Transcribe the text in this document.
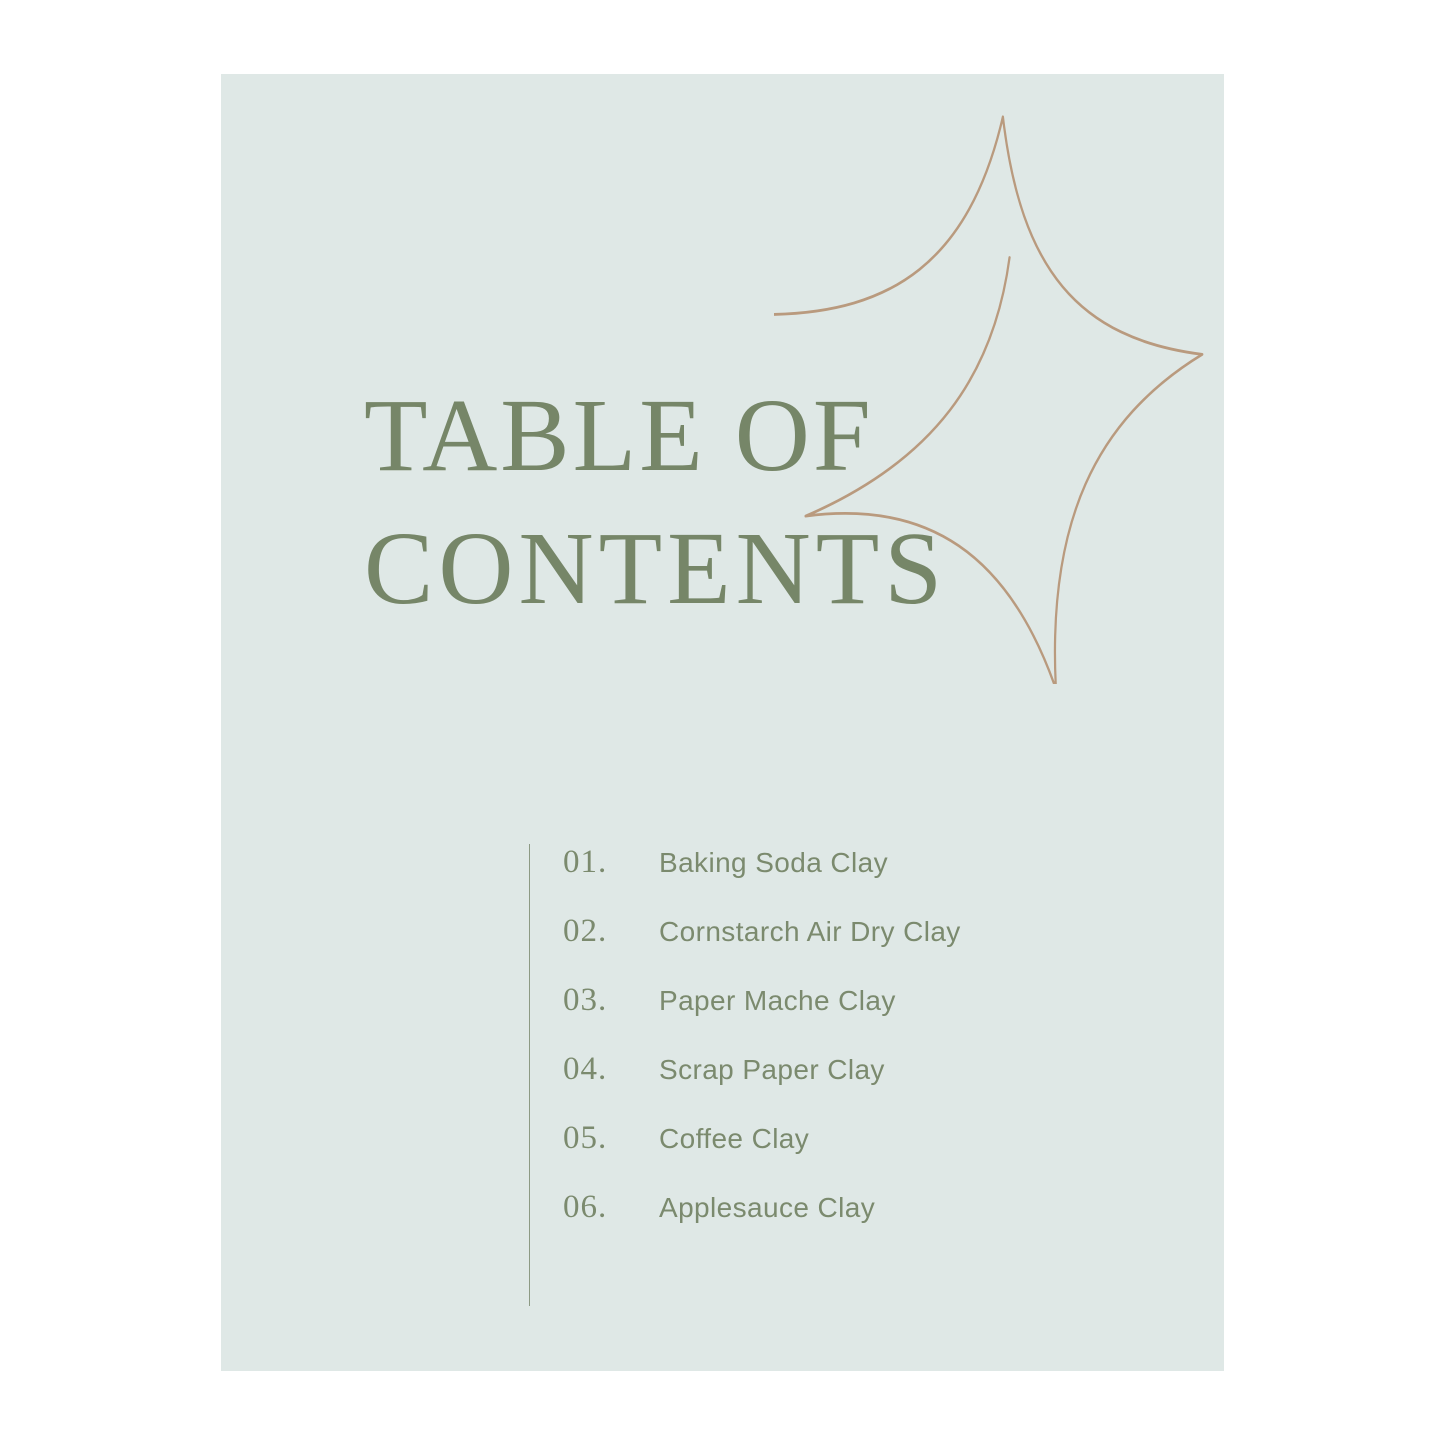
TABLE OF
CONTENTS
01.	Baking Soda Clay
02.	Cornstarch Air Dry Clay
03.	Paper Mache Clay
04.	Scrap Paper Clay
05.	Coffee Clay
06.	Applesauce Clay
